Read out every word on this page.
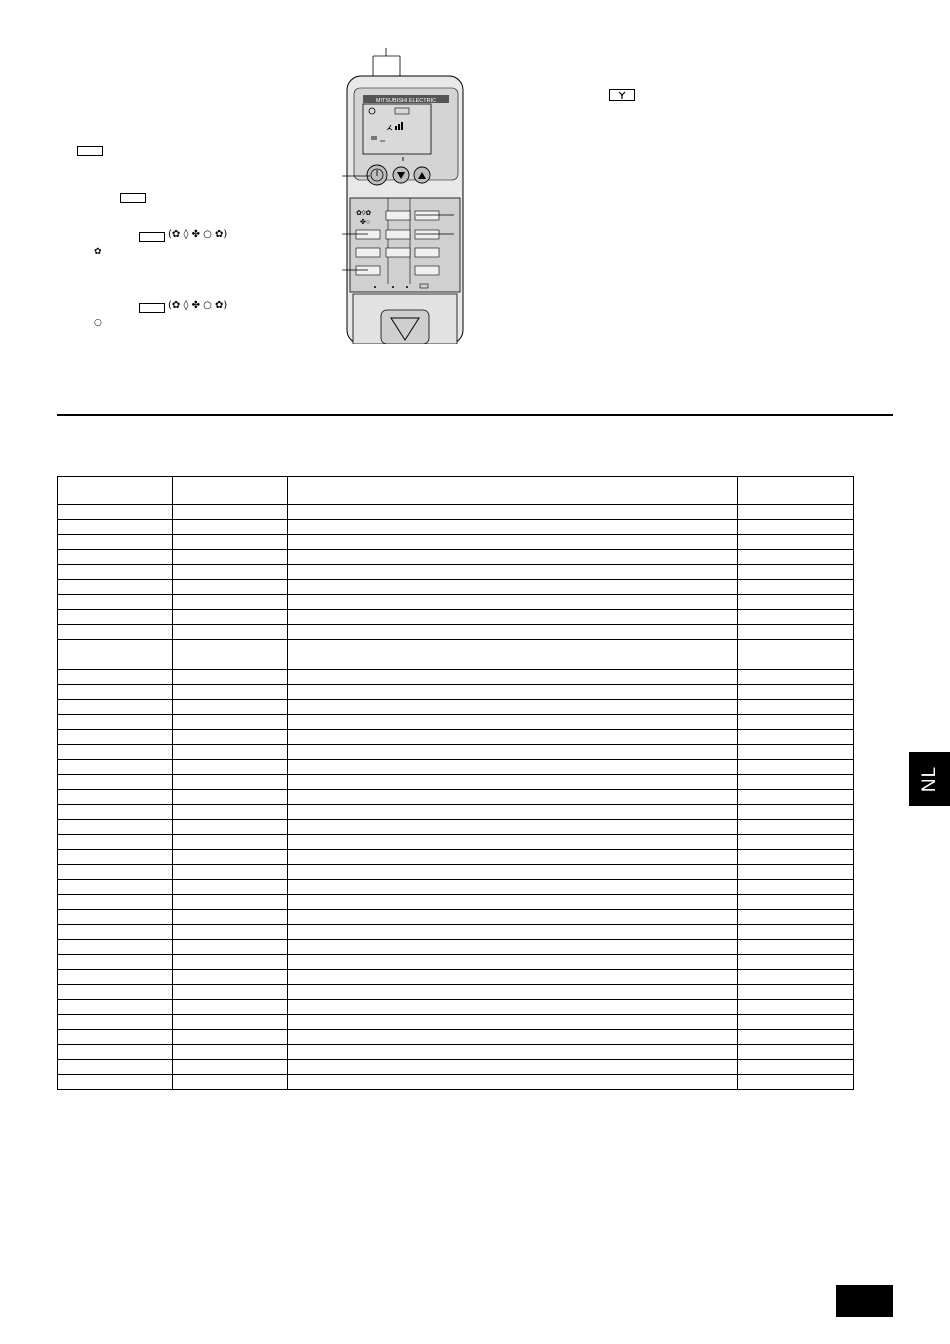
(✿ ◊ ✤ ○ ✿)
✿
(✿ ◊ ✤ ○ ✿)
○
MITSUBISHI ELECTRIC
II
✿◊✿
✤○

NL
